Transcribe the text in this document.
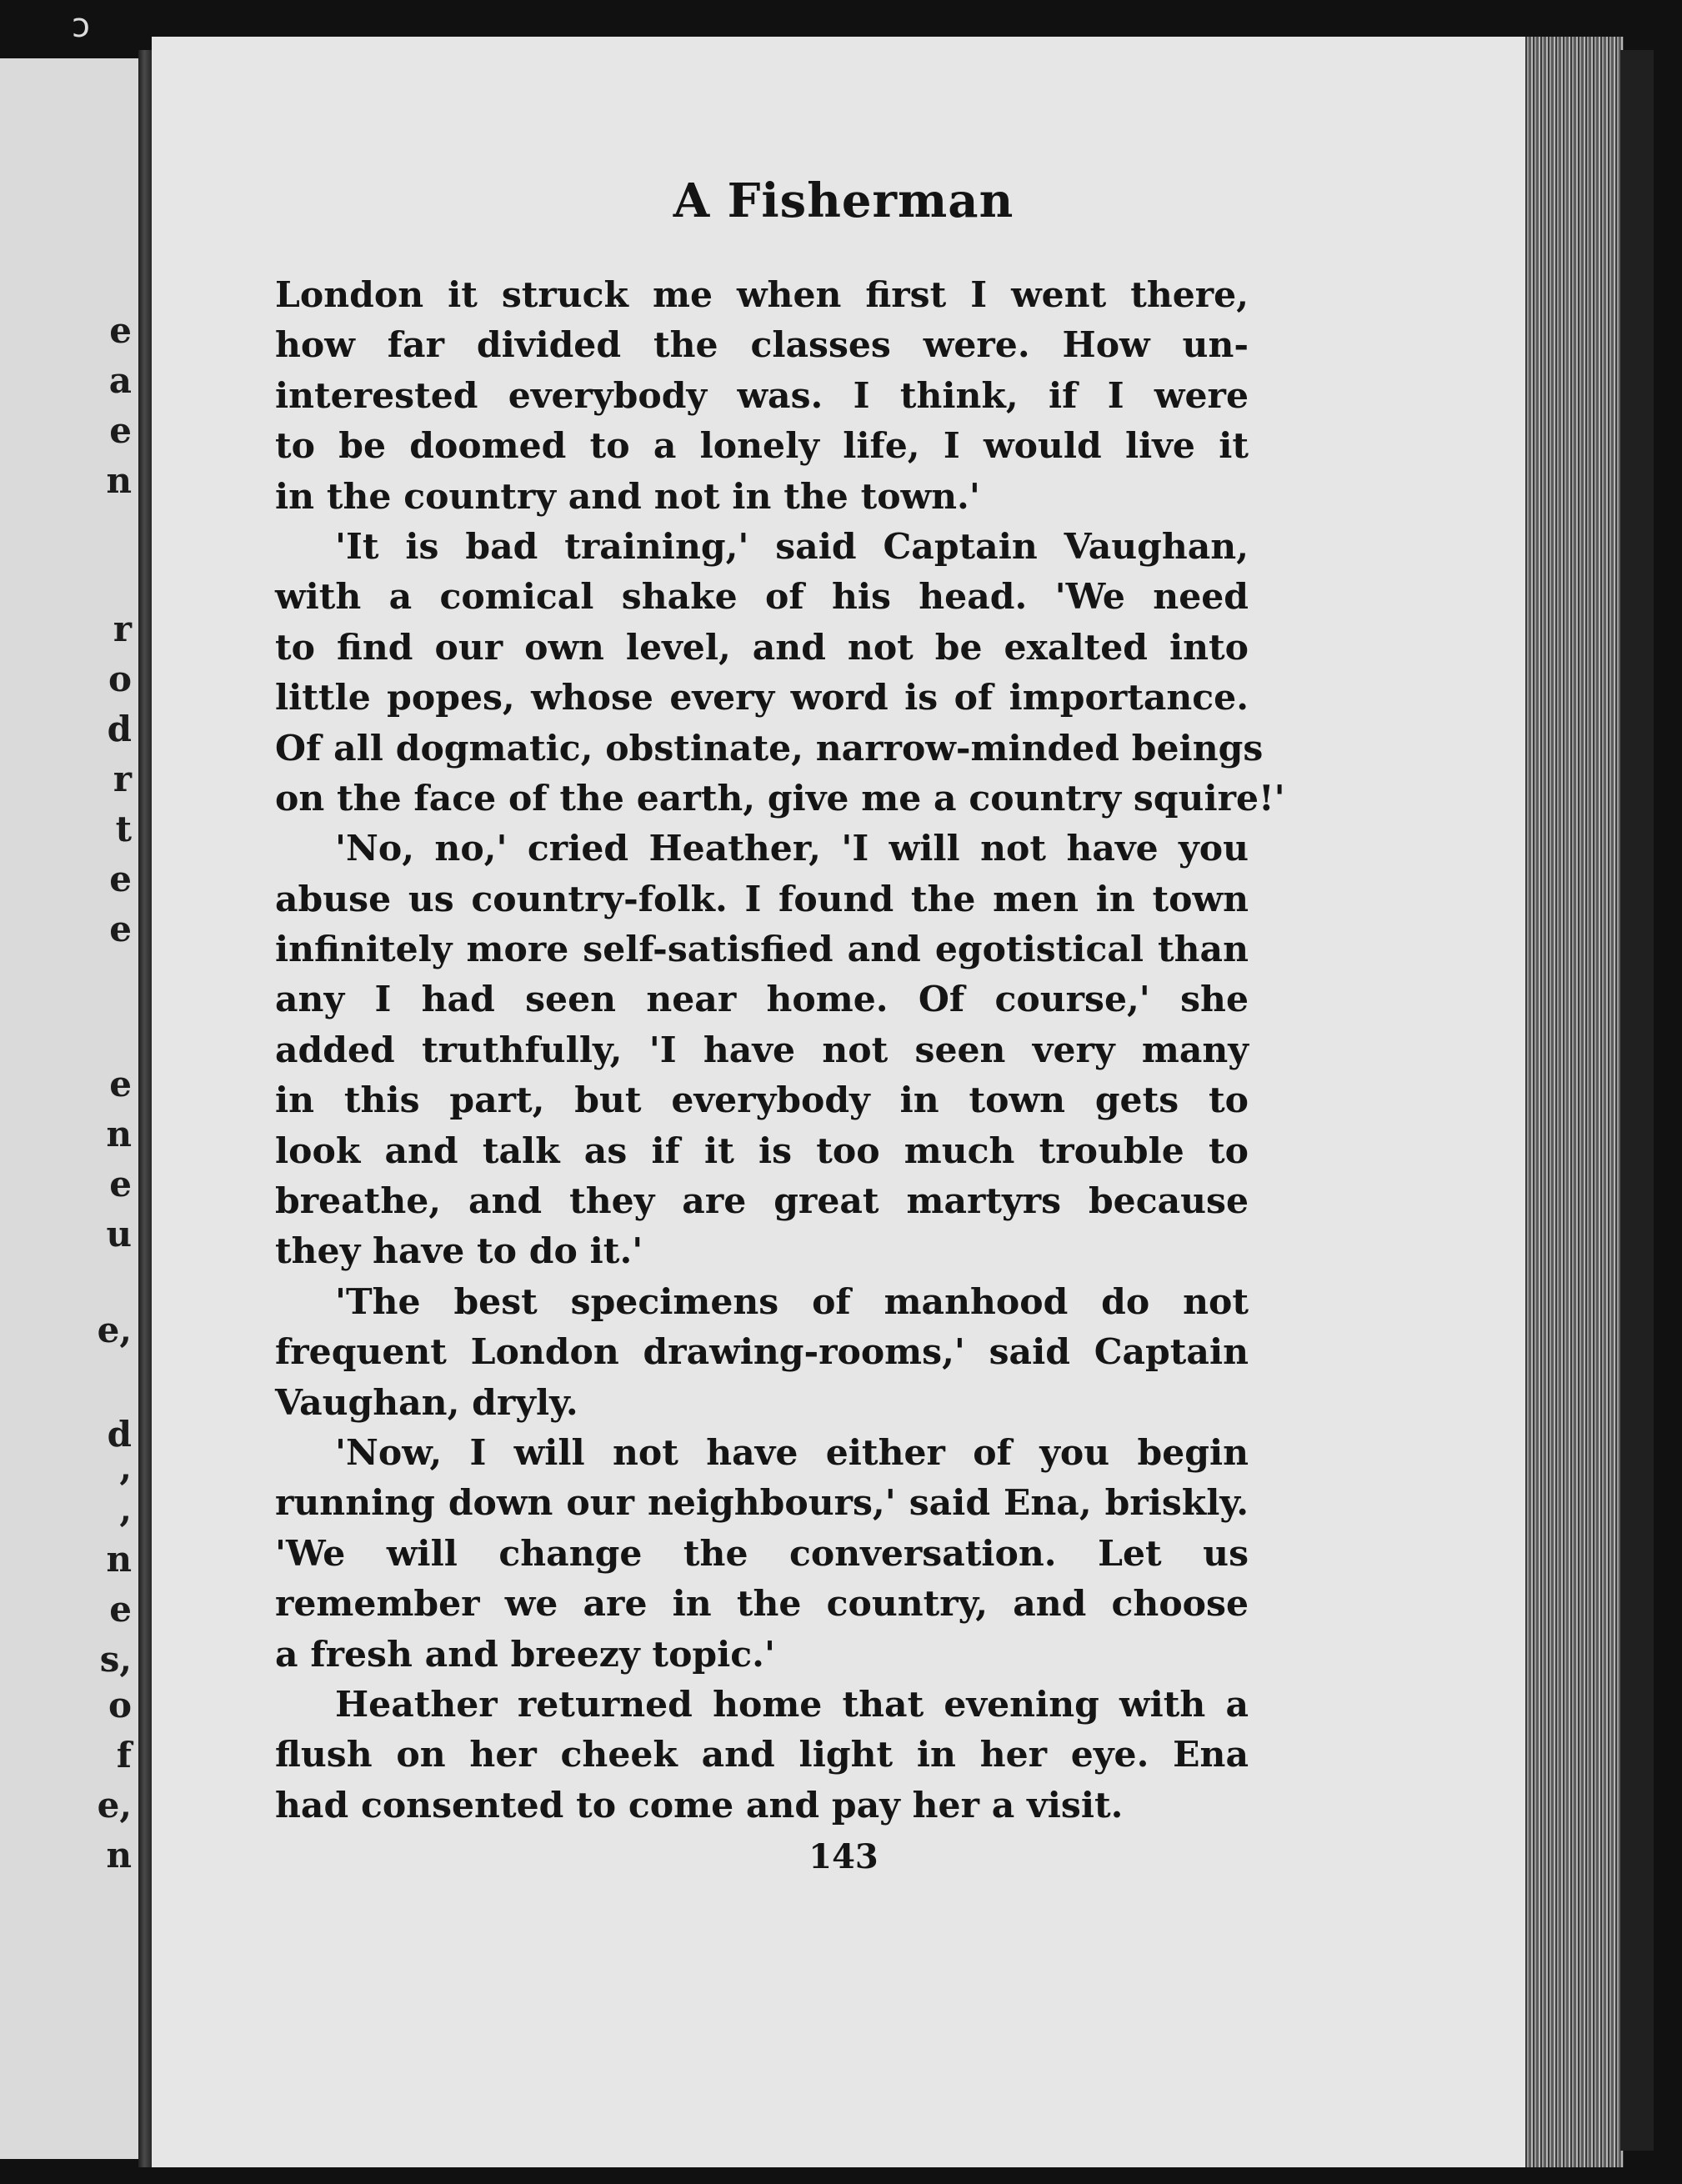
ↄ
e
a
e
n
r
o
d
r
t
e
e
e
n
e
u
e,
d
,
,
n
e
s,
o
f
e,
n
A Fisherman
London it struck me when first I went there,
how far divided the classes were. How un-
interested everybody was. I think, if I were
to be doomed to a lonely life, I would live it
in the country and not in the town.'
'It is bad training,' said Captain Vaughan,
with a comical shake of his head. 'We need
to find our own level, and not be exalted into
little popes, whose every word is of importance.
Of all dogmatic, obstinate, narrow-minded beings
on the face of the earth, give me a country squire!'
'No, no,' cried Heather, 'I will not have you
abuse us country-folk. I found the men in town
infinitely more self-satisfied and egotistical than
any I had seen near home. Of course,' she
added truthfully, 'I have not seen very many
in this part, but everybody in town gets to
look and talk as if it is too much trouble to
breathe, and they are great martyrs because
they have to do it.'
'The best specimens of manhood do not
frequent London drawing-rooms,' said Captain
Vaughan, dryly.
'Now, I will not have either of you begin
running down our neighbours,' said Ena, briskly.
'We will change the conversation. Let us
remember we are in the country, and choose
a fresh and breezy topic.'
Heather returned home that evening with a
flush on her cheek and light in her eye. Ena
had consented to come and pay her a visit.
143
